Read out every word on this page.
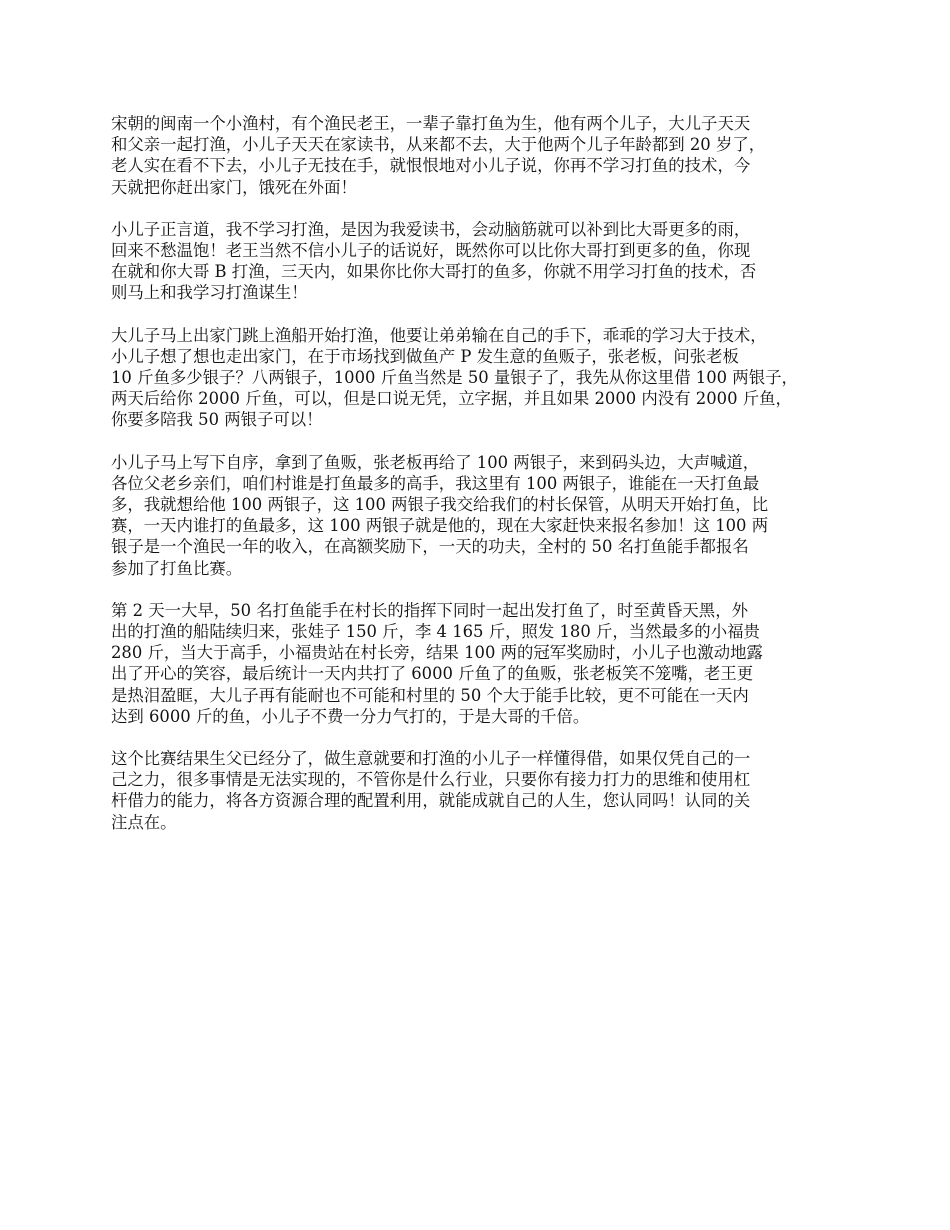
宋朝的闽南一个小渔村，有个渔民老王，一辈子靠打鱼为生，他有两个儿子，大儿子天天
和父亲一起打渔，小儿子天天在家读书，从来都不去，大于他两个儿子年龄都到 20 岁了，
老人实在看不下去，小儿子无技在手，就恨恨地对小儿子说，你再不学习打鱼的技术，今
天就把你赶出家门，饿死在外面！

小儿子正言道，我不学习打渔，是因为我爱读书，会动脑筋就可以补到比大哥更多的雨，
回来不愁温饱！老王当然不信小儿子的话说好，既然你可以比你大哥打到更多的鱼，你现
在就和你大哥 B 打渔，三天内，如果你比你大哥打的鱼多，你就不用学习打鱼的技术，否
则马上和我学习打渔谋生！

大儿子马上出家门跳上渔船开始打渔，他要让弟弟输在自己的手下，乖乖的学习大于技术，
小儿子想了想也走出家门，在于市场找到做鱼产 P 发生意的鱼贩子，张老板，问张老板
10 斤鱼多少银子？八两银子，1000 斤鱼当然是 50 量银子了，我先从你这里借 100 两银子，
两天后给你 2000 斤鱼，可以，但是口说无凭，立字据，并且如果 2000 内没有 2000 斤鱼，
你要多陪我 50 两银子可以！

小儿子马上写下自序，拿到了鱼贩，张老板再给了 100 两银子，来到码头边，大声喊道，
各位父老乡亲们，咱们村谁是打鱼最多的高手，我这里有 100 两银子，谁能在一天打鱼最
多，我就想给他 100 两银子，这 100 两银子我交给我们的村长保管，从明天开始打鱼，比
赛，一天内谁打的鱼最多，这 100 两银子就是他的，现在大家赶快来报名参加！这 100 两
银子是一个渔民一年的收入，在高额奖励下，一天的功夫，全村的 50 名打鱼能手都报名
参加了打鱼比赛。

第 2 天一大早，50 名打鱼能手在村长的指挥下同时一起出发打鱼了，时至黄昏天黑，外
出的打渔的船陆续归来，张娃子 150 斤，李 4 165 斤，照发 180 斤，当然最多的小福贵
280 斤，当大于高手，小福贵站在村长旁，结果 100 两的冠军奖励时，小儿子也激动地露
出了开心的笑容，最后统计一天内共打了 6000 斤鱼了的鱼贩，张老板笑不笼嘴，老王更
是热泪盈眶，大儿子再有能耐也不可能和村里的 50 个大于能手比较，更不可能在一天内
达到 6000 斤的鱼，小儿子不费一分力气打的，于是大哥的千倍。

这个比赛结果生父已经分了，做生意就要和打渔的小儿子一样懂得借，如果仅凭自己的一
己之力，很多事情是无法实现的，不管你是什么行业，只要你有接力打力的思维和使用杠
杆借力的能力，将各方资源合理的配置利用，就能成就自己的人生，您认同吗！认同的关
注点在。
